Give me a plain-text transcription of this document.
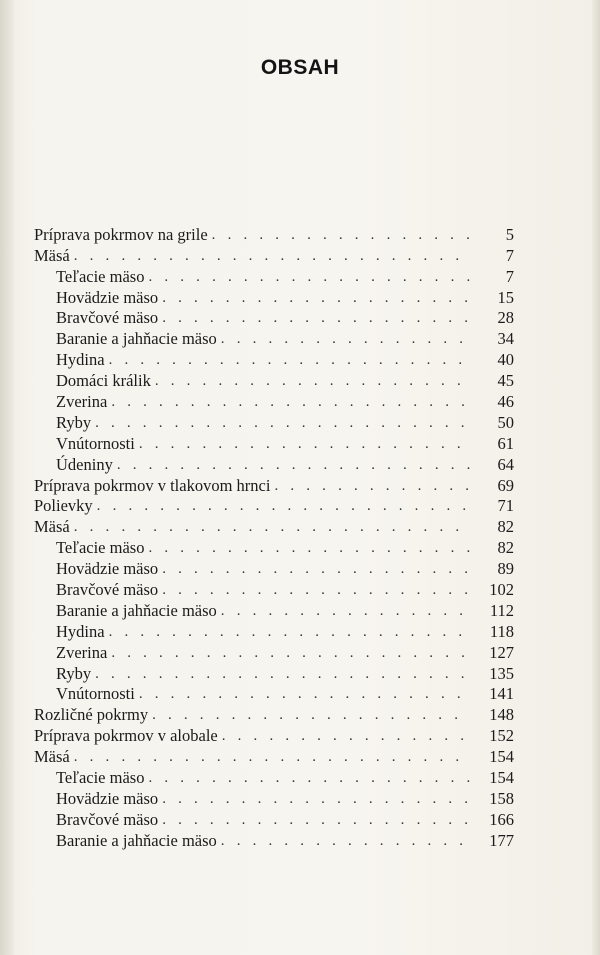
OBSAH
Príprava pokrmov na grile . . .	5
Mäsá . . .	7
Teľacie mäso . . .	7
Hovädzie mäso . . .	15
Bravčové mäso . . .	28
Baranie a jahňacie mäso . . .	34
Hydina . . .	40
Domáci králik . . .	45
Zverina . . .	46
Ryby . . .	50
Vnútornosti . . .	61
Údeniny . . .	64
Príprava pokrmov v tlakovom hrnci . . .	69
Polievky . . .	71
Mäsá . . .	82
Teľacie mäso . . .	82
Hovädzie mäso . . .	89
Bravčové mäso . . .	102
Baranie a jahňacie mäso . . .	112
Hydina . . .	118
Zverina . . .	127
Ryby . . .	135
Vnútornosti . . .	141
Rozličné pokrmy . . .	148
Príprava pokrmov v alobale . . .	152
Mäsá . . .	154
Teľacie mäso . . .	154
Hovädzie mäso . . .	158
Bravčové mäso . . .	166
Baranie a jahňacie mäso . . .	177
